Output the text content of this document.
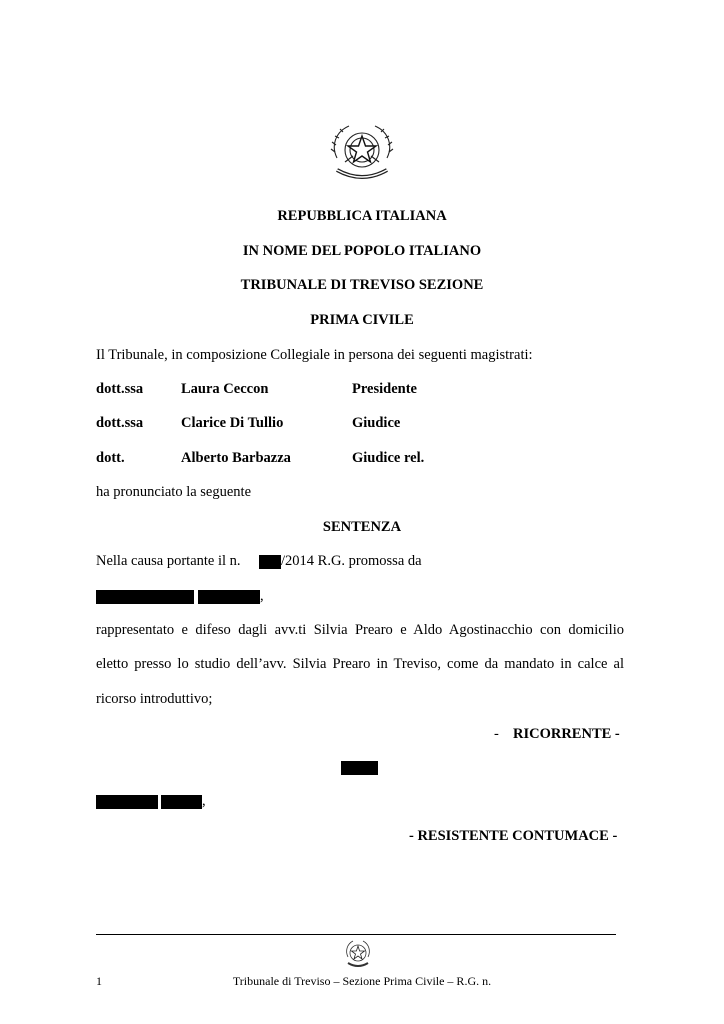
REPUBBLICA ITALIANA
IN NOME DEL POPOLO ITALIANO
TRIBUNALE DI TREVISO SEZIONE
PRIMA CIVILE
Il Tribunale, in composizione Collegiale in persona dei seguenti magistrati:
dott.ssa	Laura Ceccon	Presidente
dott.ssa	Clarice Di Tullio	Giudice
dott.	Alberto Barbazza	Giudice rel.
ha pronunciato la seguente
SENTENZA
Nella causa portante il n.	/2014 R.G. promossa da
,
rappresentato e difeso dagli avv.ti Silvia Prearo e Aldo Agostinacchio con domicilio
eletto presso lo studio dell’avv. Silvia Prearo in Treviso, come da mandato in calce al
ricorso introduttivo;
- RICORRENTE -
,
- RESISTENTE CONTUMACE -
1	Tribunale di Treviso – Sezione Prima Civile – R.G. n.
